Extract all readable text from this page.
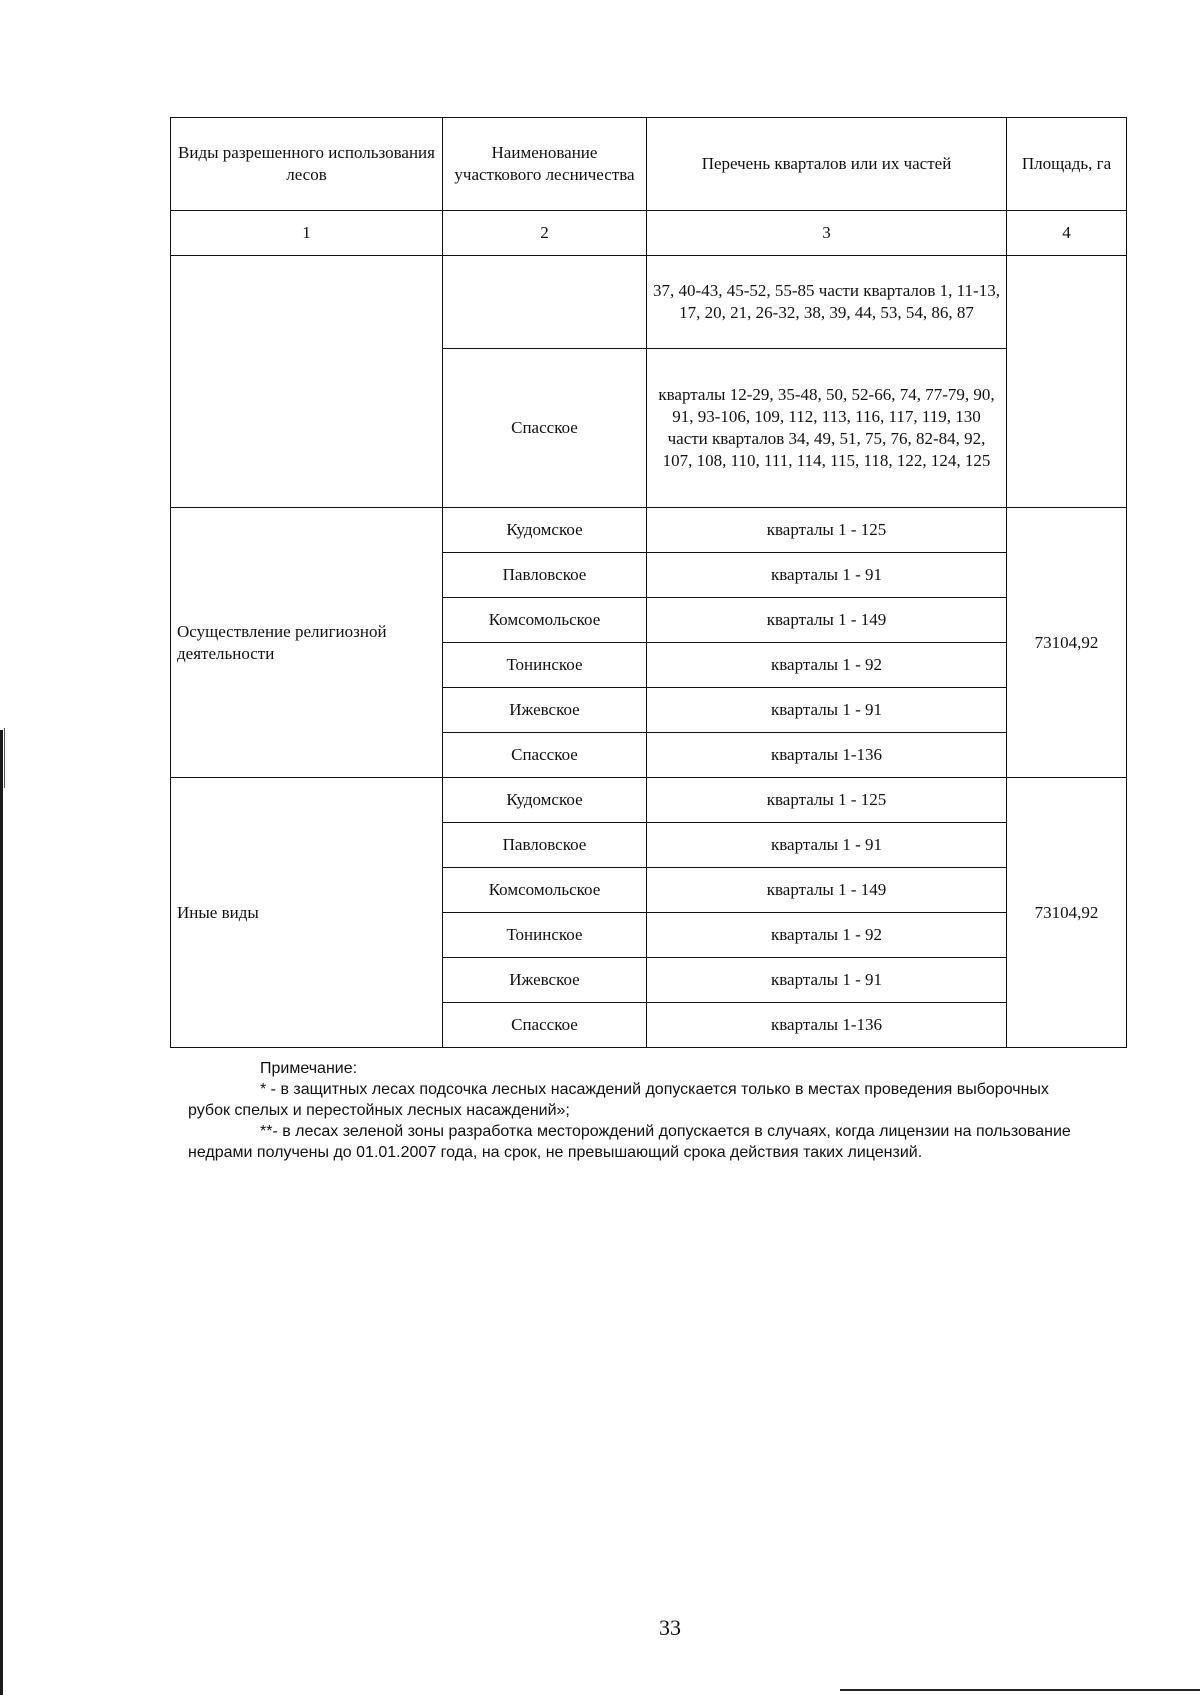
Виды разрешенного использования лесов	Наименование участкового лесничества	Перечень кварталов или их частей	Площадь, га
1	2	3	4
		37, 40-43, 45-52, 55-85 части кварталов 1, 11-13, 17, 20, 21, 26-32, 38, 39, 44, 53, 54, 86, 87	
	Спасское	кварталы 12-29, 35-48, 50, 52-66, 74, 77-79, 90, 91, 93-106, 109, 112, 113, 116, 117, 119, 130 части кварталов 34, 49, 51, 75, 76, 82-84, 92, 107, 108, 110, 111, 114, 115, 118, 122, 124, 125	
Осуществление религиозной деятельности	Кудомское	кварталы 1 - 125	73104,92
	Павловское	кварталы 1 - 91	
	Комсомольское	кварталы 1 - 149	
	Тонинское	кварталы 1 - 92	
	Ижевское	кварталы 1 - 91	
	Спасское	кварталы 1-136	
Иные виды	Кудомское	кварталы 1 - 125	73104,92
	Павловское	кварталы 1 - 91	
	Комсомольское	кварталы 1 - 149	
	Тонинское	кварталы 1 - 92	
	Ижевское	кварталы 1 - 91	
	Спасское	кварталы 1-136	

Примечание:

* - в защитных лесах подсочка лесных насаждений допускается только в местах проведения выборочных рубок спелых и перестойных лесных насаждений»;

**- в лесах зеленой зоны разработка месторождений допускается в случаях, когда лицензии на пользование недрами получены до 01.01.2007 года, на срок, не превышающий срока действия таких лицензий.

33
